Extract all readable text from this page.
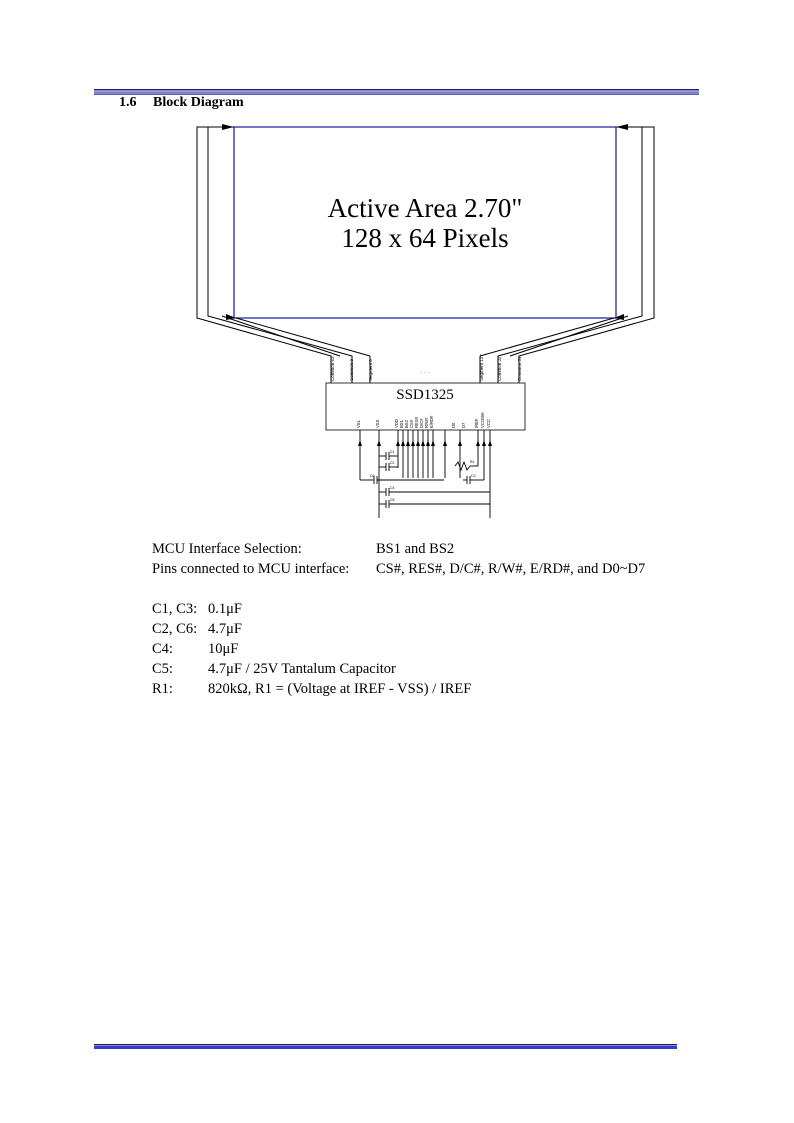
1.6 Block Diagram
Active Area 2.70"
128 x 64 Pixels
Common 63	Common 0	Segment 0	Segment 127	Common 32	Common 31
. . .
SSD1325
VSL	VSS	VDD BS1 BS2 CS# RES# D/C# R/W# E/RD#	D0 D7 IREF VCOMH VCC
C1
C2	R1
C3
C4
C5
C6
MCU Interface Selection:	BS1 and BS2
Pins connected to MCU interface:	CS#, RES#, D/C#, R/W#, E/RD#, and D0~D7
C1, C3: 0.1μF
C2, C6: 4.7μF
C4:	10μF
C5:	4.7μF / 25V Tantalum Capacitor
R1:	820kΩ, R1 = (Voltage at IREF - VSS) / IREF
